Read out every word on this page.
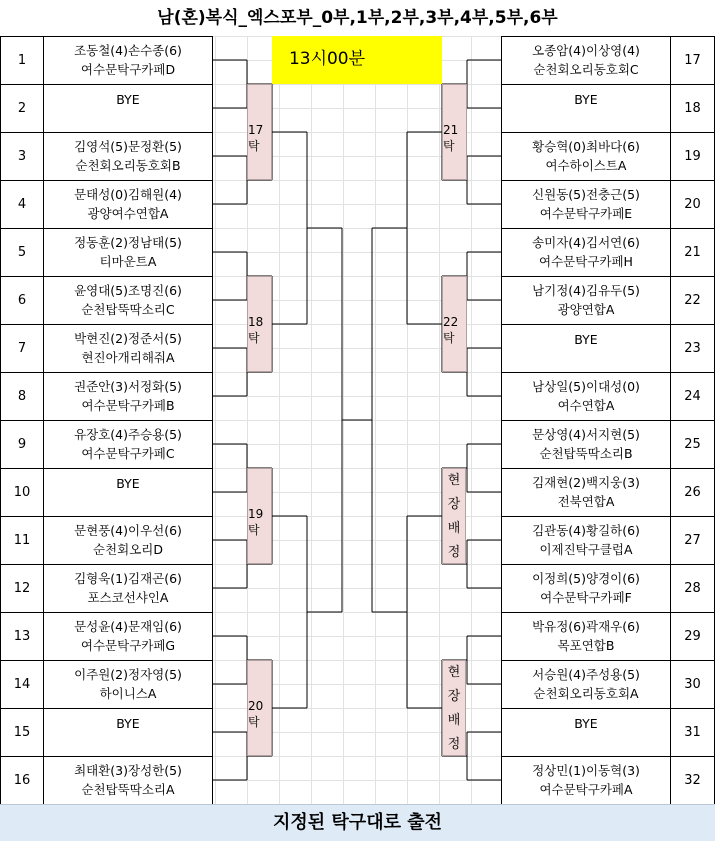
남(혼)복식_엑스포부_0부,1부,2부,3부,4부,5부,6부
13시00분
17탁
18탁
19탁
20탁
21탁
22탁
현
장
배
정
현
장
배
정
1
조동철(4)손수종(6)
여수문탁구카페D
2
BYE
3
김영석(5)문정환(5)
순천회오리동호회B
4
문태성(0)김해원(4)
광양여수연합A
5
정동훈(2)정남태(5)
티마운트A
6
윤영대(5)조명진(6)
순천탑뚝딱소리C
7
박현진(2)정준서(5)
현진아개리해줘A
8
권준안(3)서정화(5)
여수문탁구카페B
9
유장호(4)주승용(5)
여수문탁구카페C
10
BYE
11
문현풍(4)이우선(6)
순천회오리D
12
김형욱(1)김재곤(6)
포스코선샤인A
13
문성윤(4)문재임(6)
여수문탁구카페G
14
이주원(2)정자영(5)
하이니스A
15
BYE
16
최태환(3)장성한(5)
순천탑뚝딱소리A
17
오종암(4)이상영(4)
순천회오리동호회C
18
BYE
19
황승혁(0)최바다(6)
여수하이스트A
20
신원동(5)전충근(5)
여수문탁구카페E
21
송미자(4)김서연(6)
여수문탁구카페H
22
남기정(4)김유두(5)
광양연합A
23
BYE
24
남상일(5)이대성(0)
여수연합A
25
문상영(4)서지현(5)
순천탑뚝딱소리B
26
김재현(2)백지웅(3)
전북연합A
27
김관동(4)황길하(6)
이제진탁구클럽A
28
이정희(5)양경이(6)
여수문탁구카페F
29
박유정(6)곽재우(6)
목포연합B
30
서승원(4)주성용(5)
순천회오리동호회A
31
BYE
32
정상민(1)이동혁(3)
여수문탁구카페A
지정된 탁구대로 출전
